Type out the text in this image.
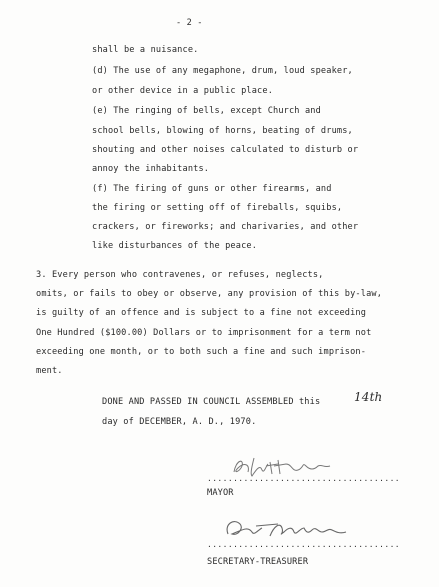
- 2 -
shall be a nuisance.
(d) The use of any megaphone, drum, loud speaker,
or other device in a public place.
(e) The ringing of bells, except Church and
school bells, blowing of horns, beating of drums,
shouting and other noises calculated to disturb or
annoy the inhabitants.
(f) The firing of guns or other firearms, and
the firing or setting off of fireballs, squibs,
crackers, or fireworks; and charivaries, and other
like disturbances of the peace.
3. Every person who contravenes, or refuses, neglects,
omits, or fails to obey or observe, any provision of this by-law,
is guilty of an offence and is subject to a fine not exceeding
One Hundred ($100.00) Dollars or to imprisonment for a term not
exceeding one month, or to both such a fine and such imprison-
ment.
DONE AND PASSED IN COUNCIL ASSEMBLED this	14th
day of DECEMBER, A. D., 1970.
.....................................
MAYOR
.....................................
SECRETARY-TREASURER
